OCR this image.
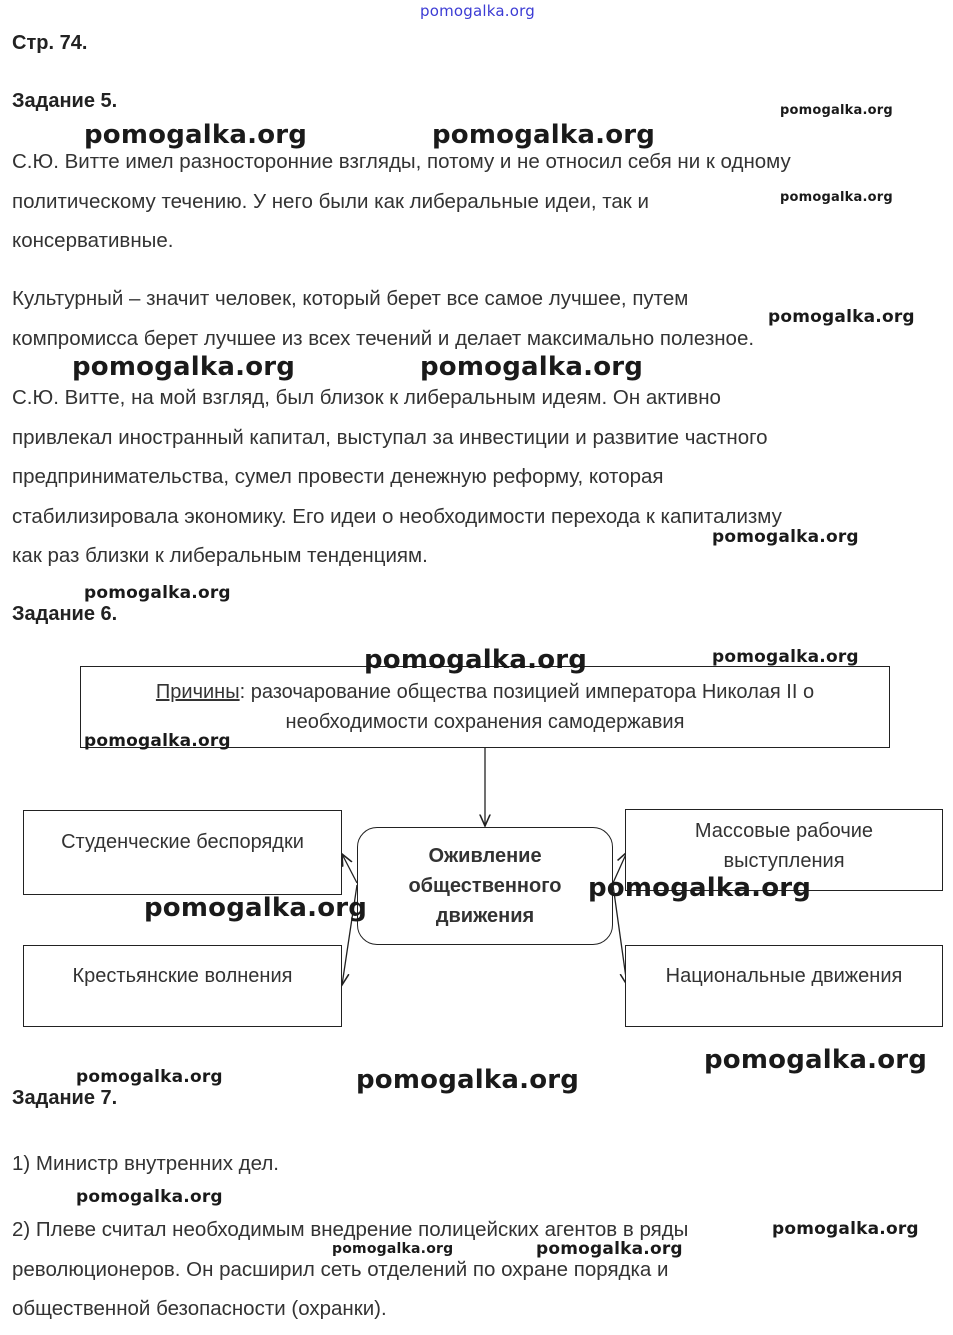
pomogalka.org
Стр. 74.
Задание 5.
С.Ю. Витте имел разносторонние взгляды, потому и не относил себя ни к одному
политическому течению. У него были как либеральные идеи, так и
консервативные.
Культурный – значит человек, который берет все самое лучшее, путем
компромисса берет лучшее из всех течений и делает максимально полезное.
С.Ю. Витте, на мой взгляд, был близок к либеральным идеям. Он активно
привлекал иностранный капитал, выступал за инвестиции и развитие частного
предпринимательства, сумел провести денежную реформу, которая
стабилизировала экономику. Его идеи о необходимости перехода к капитализму
как раз близки к либеральным тенденциям.
Задание 6.
Причины: разочарование общества позицией императора Николая II о
необходимости сохранения самодержавия
Оживление
общественного
движения
Студенческие беспорядки
Крестьянские волнения
Массовые рабочие
выступления
Национальные движения
Задание 7.
1) Министр внутренних дел.
2) Плеве считал необходимым внедрение полицейских агентов в ряды
революционеров. Он расширил сеть отделений по охране порядка и
общественной безопасности (охранки).
pomogalka.org	pomogalka.org
pomogalka.org
pomogalka.org
pomogalka.org
pomogalka.org	pomogalka.org
pomogalka.org
pomogalka.org
pomogalka.org	pomogalka.org
pomogalka.org
pomogalka.org
pomogalka.org
pomogalka.org
pomogalka.org	pomogalka.org
pomogalka.org
pomogalka.org
pomogalka.org	pomogalka.org
